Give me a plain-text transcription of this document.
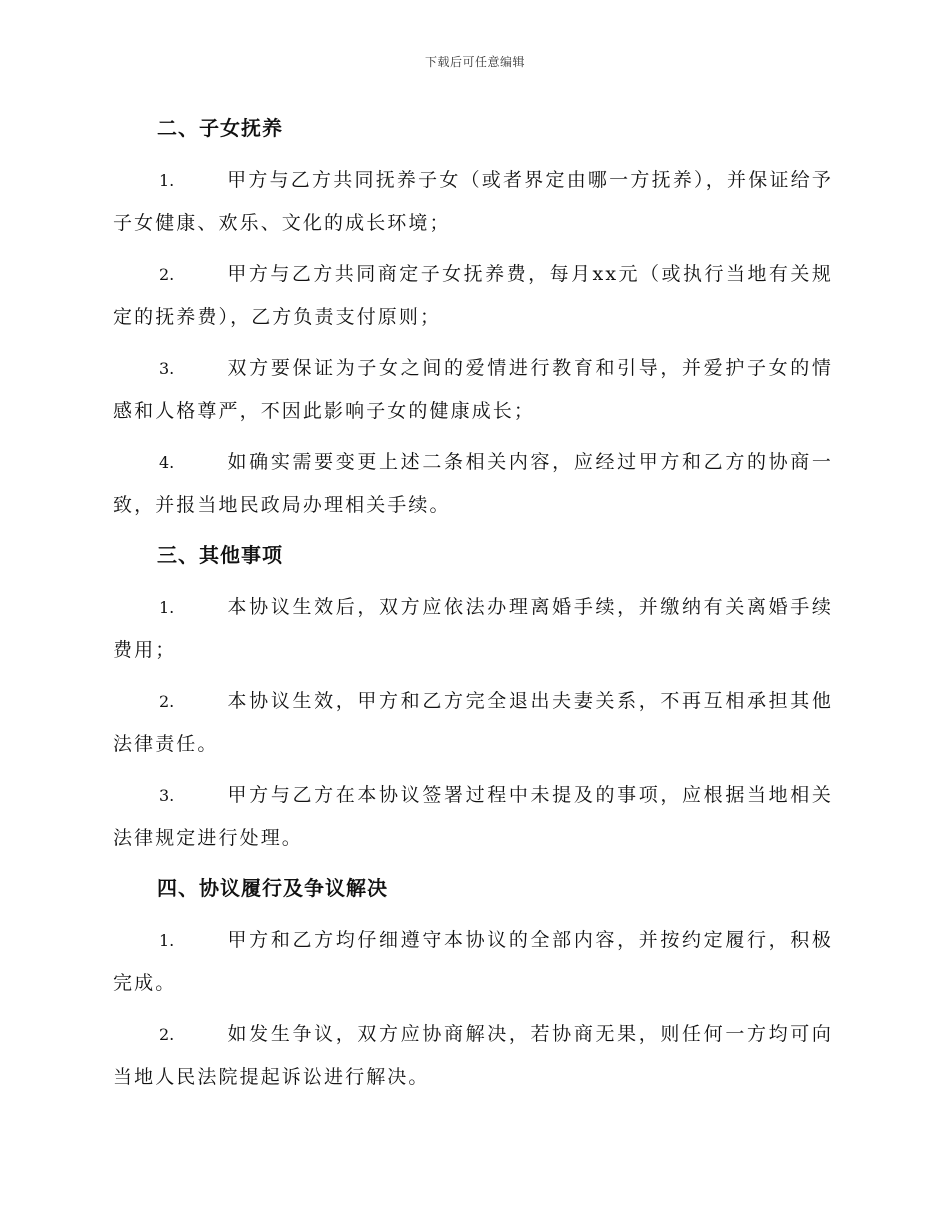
下载后可任意编辑
二、子女抚养

1.	甲方与乙方共同抚养子女（或者界定由哪一方抚养），并保证给予子女健康、欢乐、文化的成长环境；

2.	甲方与乙方共同商定子女抚养费，每月xx元（或执行当地有关规定的抚养费），乙方负责支付原则；

3.	双方要保证为子女之间的爱情进行教育和引导，并爱护子女的情感和人格尊严，不因此影响子女的健康成长；

4.	如确实需要变更上述二条相关内容，应经过甲方和乙方的协商一致，并报当地民政局办理相关手续。

三、其他事项

1.	本协议生效后，双方应依法办理离婚手续，并缴纳有关离婚手续费用；

2.	本协议生效，甲方和乙方完全退出夫妻关系，不再互相承担其他法律责任。

3.	甲方与乙方在本协议签署过程中未提及的事项，应根据当地相关法律规定进行处理。

四、协议履行及争议解决

1.	甲方和乙方均仔细遵守本协议的全部内容，并按约定履行，积极完成。

2.	如发生争议，双方应协商解决，若协商无果，则任何一方均可向当地人民法院提起诉讼进行解决。
